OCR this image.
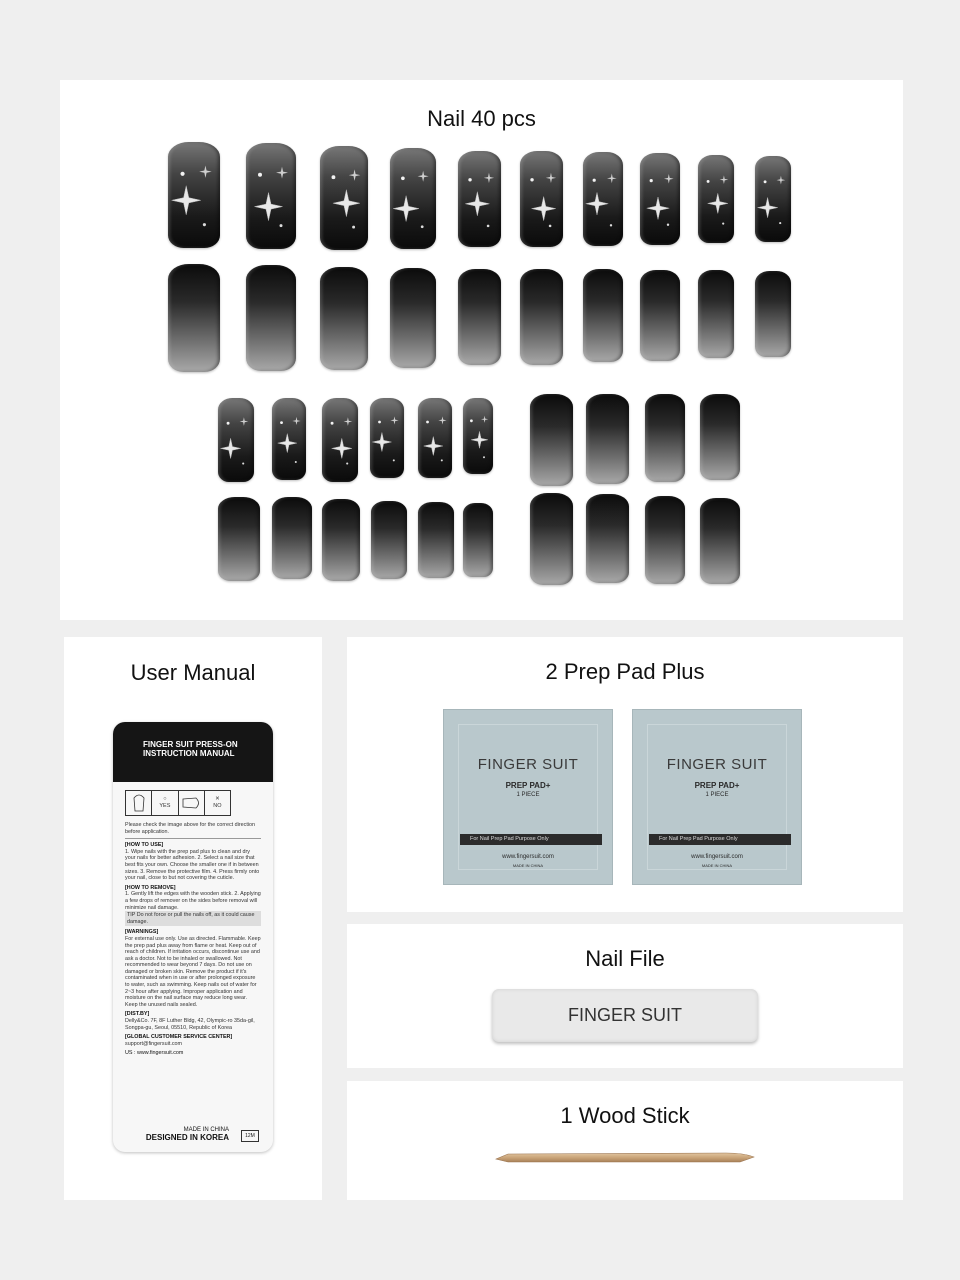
Nail 40 pcs
User Manual
FINGER SUIT PRESS-ON
INSTRUCTION MANUAL
○
YES
✕
NO

Please check the image above for the correct direction before application.

[HOW TO USE]

1. Wipe nails with the prep pad plus to clean and dry your nails for better adhesion. 2. Select a nail size that best fits your own. Choose the smaller one if in between sizes. 3. Remove the protective film. 4. Press firmly onto your nail, close to but not covering the cuticle.

[HOW TO REMOVE]

1. Gently lift the edges with the wooden stick. 2. Applying a few drops of remover on the sides before removal will minimize nail damage.

TIP Do not force or pull the nails off, as it could cause damage.

[WARNINGS]

For external use only. Use as directed. Flammable. Keep the prep pad plus away from flame or heat. Keep out of reach of children. If irritation occurs, discontinue use and ask a doctor. Not to be inhaled or swallowed. Not recommended to wear beyond 7 days. Do not use on damaged or broken skin. Remove the product if it's contaminated when in use or after prolonged exposure to water, such as swimming. Keep nails out of water for 2~3 hour after applying. Improper application and moisture on the nail surface may reduce long wear. Keep the unused nails sealed.

[DIST.BY]

Delly&Co. 7F, 8F Luther Bldg, 42, Olympic-ro 35da-gil, Songpa-gu, Seoul, 05510, Republic of Korea

[GLOBAL CUSTOMER SERVICE CENTER]

support@fingersuit.com

US : www.fingersuit.com

MADE IN CHINA
DESIGNED IN KOREA	12M
2 Prep Pad Plus
FINGER SUIT
PREP PAD+
1 PIECE
For Nail Prep Pad Purpose Only
www.fingersuit.com
MADE IN CHINA
FINGER SUIT
PREP PAD+
1 PIECE
For Nail Prep Pad Purpose Only
www.fingersuit.com
MADE IN CHINA
Nail File
FINGER SUIT
1 Wood Stick
